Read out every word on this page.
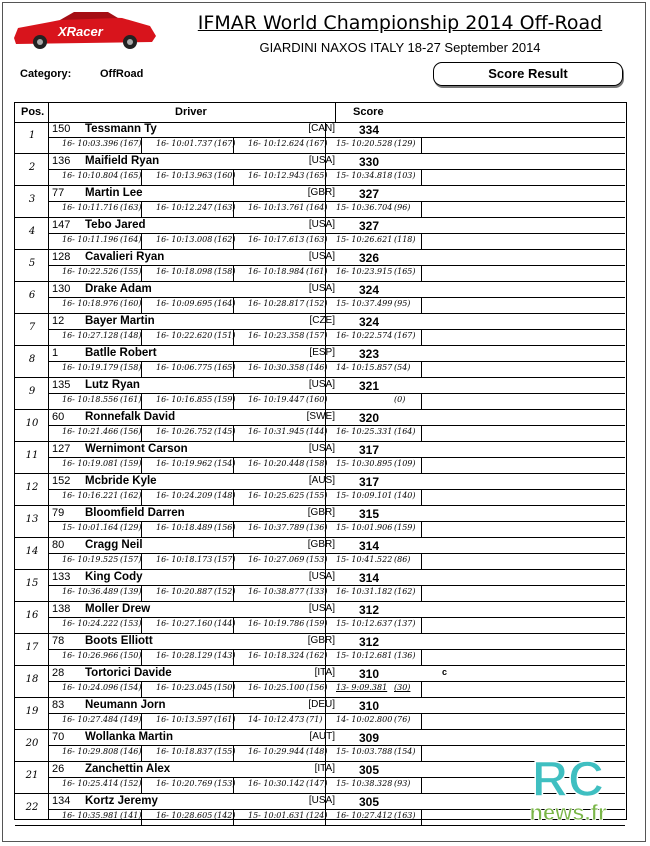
XRacer	IFMAR World Championship 2014 Off-Road
GIARDINI NAXOS ITALY 18-27 September 2014
Category:	OffRoad	Score Result
Pos.	Driver	Score
1
150 Tessmann Ty	[CAN] 334
16- 10:03.396 (167) 16- 10:01.737 (167) 16- 10:12.624 (167) 15- 10:20.528 (129)
2
136 Maifield Ryan	[USA] 330
16- 10:10.804 (165) 16- 10:13.963 (160) 16- 10:12.943 (165) 15- 10:34.818 (103)
3
77 Martin Lee	[GBR] 327
16- 10:11.716 (163) 16- 10:12.247 (163) 16- 10:13.761 (164) 15- 10:36.704 (96)
4
147 Tebo Jared	[USA] 327
16- 10:11.196 (164) 16- 10:13.008 (162) 16- 10:17.613 (163) 15- 10:26.621 (118)
5
128 Cavalieri Ryan	[USA] 326
16- 10:22.526 (155) 16- 10:18.098 (158) 16- 10:18.984 (161) 16- 10:23.915 (165)
6
130 Drake Adam	[USA] 324
16- 10:18.976 (160) 16- 10:09.695 (164) 16- 10:28.817 (152) 15- 10:37.499 (95)
7
12 Bayer Martin	[CZE] 324
16- 10:27.128 (148) 16- 10:22.620 (151) 16- 10:23.358 (157) 16- 10:22.574 (167)
8
1 Batlle Robert	[ESP] 323
16- 10:19.179 (158) 16- 10:06.775 (165) 16- 10:30.358 (146) 14- 10:15.857 (54)
9
135 Lutz Ryan	[USA] 321
16- 10:18.556 (161) 16- 10:16.855 (159) 16- 10:19.447 (160)	(0)
10
60 Ronnefalk David	[SWE] 320
16- 10:21.466 (156) 16- 10:26.752 (145) 16- 10:31.945 (144) 16- 10:25.331 (164)
11
127 Wernimont Carson	[USA] 317
16- 10:19.081 (159) 16- 10:19.962 (154) 16- 10:20.448 (158) 15- 10:30.895 (109)
12
152 Mcbride Kyle	[AUS] 317
16- 10:16.221 (162) 16- 10:24.209 (148) 16- 10:25.625 (155) 15- 10:09.101 (140)
13
79 Bloomfield Darren	[GBR] 315
15- 10:01.164 (129) 16- 10:18.489 (156) 16- 10:37.789 (136) 15- 10:01.906 (159)
14
80 Cragg Neil	[GBR] 314
16- 10:19.525 (157) 16- 10:18.173 (157) 16- 10:27.069 (153) 15- 10:41.522 (86)
15
133 King Cody	[USA] 314
16- 10:36.489 (139) 16- 10:20.887 (152) 16- 10:38.877 (133) 16- 10:31.182 (162)
16
138 Moller Drew	[USA] 312
16- 10:24.222 (153) 16- 10:27.160 (144) 16- 10:19.786 (159) 15- 10:12.637 (137)
17
78 Boots Elliott	[GBR] 312
16- 10:26.966 (150) 16- 10:28.129 (143) 16- 10:18.324 (162) 15- 10:12.681 (136)
18
28 Tortorici Davide	[ITA] 310	c
16- 10:24.096 (154) 16- 10:23.045 (150) 16- 10:25.100 (156) 13- 9:09.381 (30)
19
83 Neumann Jorn	[DEU] 310
16- 10:27.484 (149) 16- 10:13.597 (161) 14- 10:12.473 (71) 14- 10:02.800 (76)
20
70 Wollanka Martin	[AUT] 309
16- 10:29.808 (146) 16- 10:18.837 (155) 16- 10:29.944 (148) 15- 10:03.788 (154)
21
26 Zanchettin Alex	[ITA] 305
16- 10:25.414 (152) 16- 10:20.769 (153) 16- 10:30.142 (147) 15- 10:38.328 (93)
22
134 Kortz Jeremy	[USA] 305
16- 10:35.981 (141) 16- 10:28.605 (142) 15- 10:01.631 (124) 16- 10:27.412 (163)
RC
news.fr
